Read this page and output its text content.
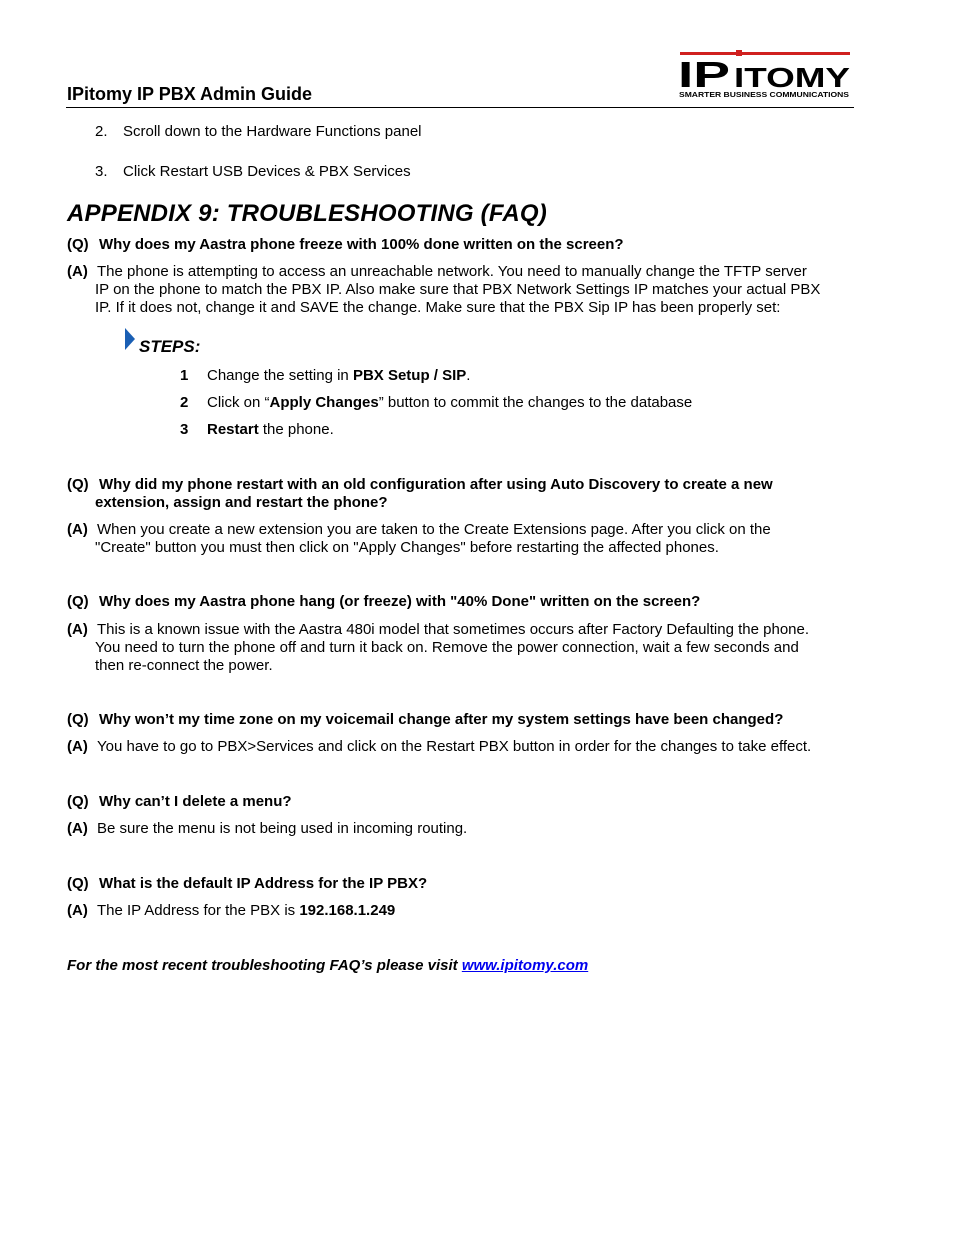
IPitomy IP PBX Admin Guide	IP ITOMY
SMARTER BUSINESS COMMUNICATIONS
2. Scroll down to the Hardware Functions panel
3. Click Restart USB Devices & PBX Services
APPENDIX 9: TROUBLESHOOTING (FAQ)
(Q) Why does my Aastra phone freeze with 100% done written on the screen?
(A) The phone is attempting to access an unreachable network. You need to manually change the TFTP server
IP on the phone to match the PBX IP. Also make sure that PBX Network Settings IP matches your actual PBX
IP. If it does not, change it and SAVE the change. Make sure that the PBX Sip IP has been properly set:
STEPS:
1 Change the setting in PBX Setup / SIP.
2 Click on “Apply Changes” button to commit the changes to the database
3 Restart the phone.
(Q) Why did my phone restart with an old configuration after using Auto Discovery to create a new
extension, assign and restart the phone?
(A) When you create a new extension you are taken to the Create Extensions page. After you click on the
"Create" button you must then click on "Apply Changes" before restarting the affected phones.
(Q) Why does my Aastra phone hang (or freeze) with "40% Done" written on the screen?
(A) This is a known issue with the Aastra 480i model that sometimes occurs after Factory Defaulting the phone.
You need to turn the phone off and turn it back on. Remove the power connection, wait a few seconds and
then re-connect the power.
(Q) Why won’t my time zone on my voicemail change after my system settings have been changed?
(A) You have to go to PBX>Services and click on the Restart PBX button in order for the changes to take effect.
(Q) Why can’t I delete a menu?
(A) Be sure the menu is not being used in incoming routing.
(Q) What is the default IP Address for the IP PBX?
(A) The IP Address for the PBX is 192.168.1.249
For the most recent troubleshooting FAQ’s please visit www.ipitomy.com
